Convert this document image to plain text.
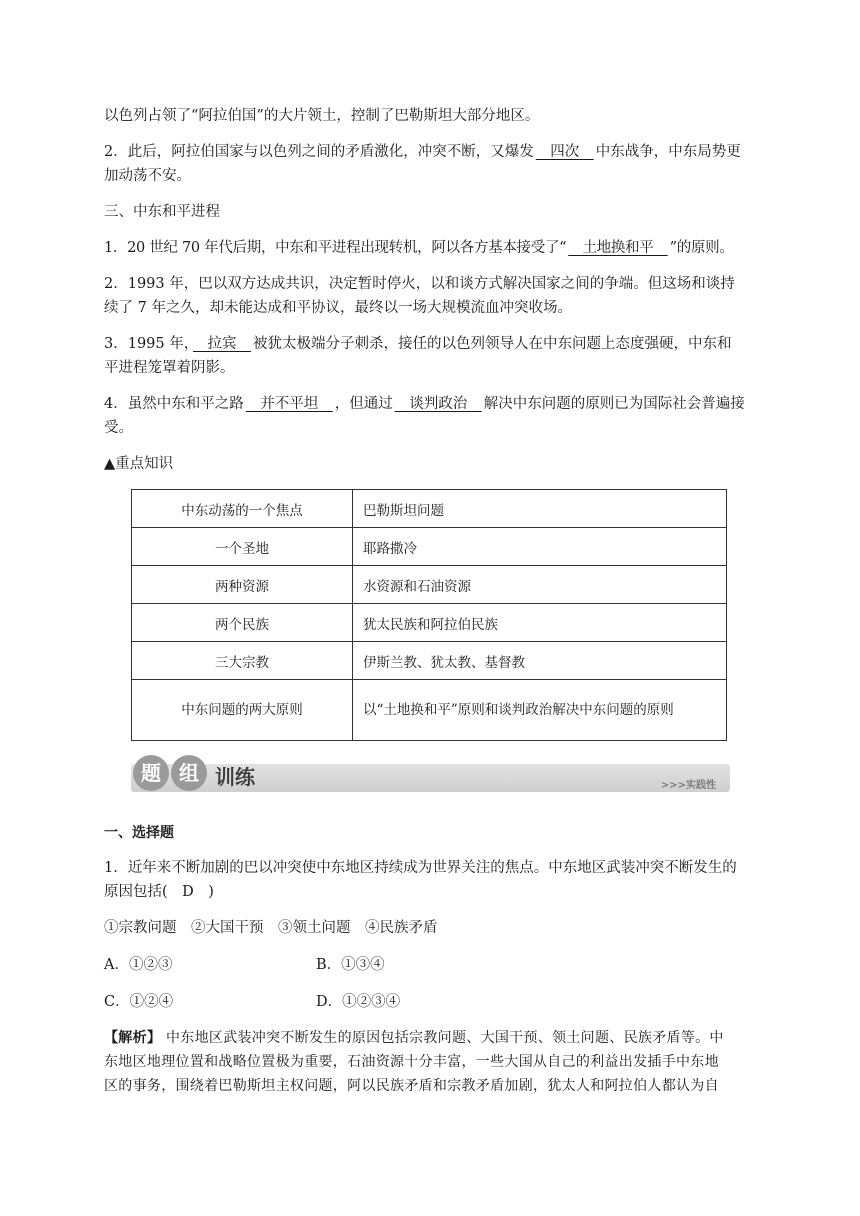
以色列占领了“阿拉伯国”的大片领土，控制了巴勒斯坦大部分地区。
2．此后，阿拉伯国家与以色列之间的矛盾激化，冲突不断，又爆发　四次　中东战争，中东局势更
加动荡不安。
三、中东和平进程
1．20 世纪 70 年代后期，中东和平进程出现转机，阿以各方基本接受了“　土地换和平　”的原则。
2．1993 年，巴以双方达成共识，决定暂时停火，以和谈方式解决国家之间的争端。但这场和谈持
续了 7 年之久，却未能达成和平协议，最终以一场大规模流血冲突收场。
3．1995 年，　拉宾　被犹太极端分子刺杀，接任的以色列领导人在中东问题上态度强硬，中东和
平进程笼罩着阴影。
4．虽然中东和平之路　并不平坦　，但通过　谈判政治　解决中东问题的原则已为国际社会普遍接
受。
▲重点知识
中东动荡的一个焦点	巴勒斯坦问题
一个圣地	耶路撒冷
两种资源	水资源和石油资源
两个民族	犹太民族和阿拉伯民族
三大宗教	伊斯兰教、犹太教、基督教
中东问题的两大原则	以“土地换和平”原则和谈判政治解决中东问题的原则
题 组 训练	>>>实践性
一、选择题
1．近年来不断加剧的巴以冲突使中东地区持续成为世界关注的焦点。中东地区武装冲突不断发生的
原因包括(　D　)
①宗教问题　②大国干预　③领土问题　④民族矛盾
A．①②③	B．①③④
C．①②④	D．①②③④
【解析】 中东地区武装冲突不断发生的原因包括宗教问题、大国干预、领土问题、民族矛盾等。中
东地区地理位置和战略位置极为重要，石油资源十分丰富，一些大国从自己的利益出发插手中东地
区的事务，围绕着巴勒斯坦主权问题，阿以民族矛盾和宗教矛盾加剧，犹太人和阿拉伯人都认为自
